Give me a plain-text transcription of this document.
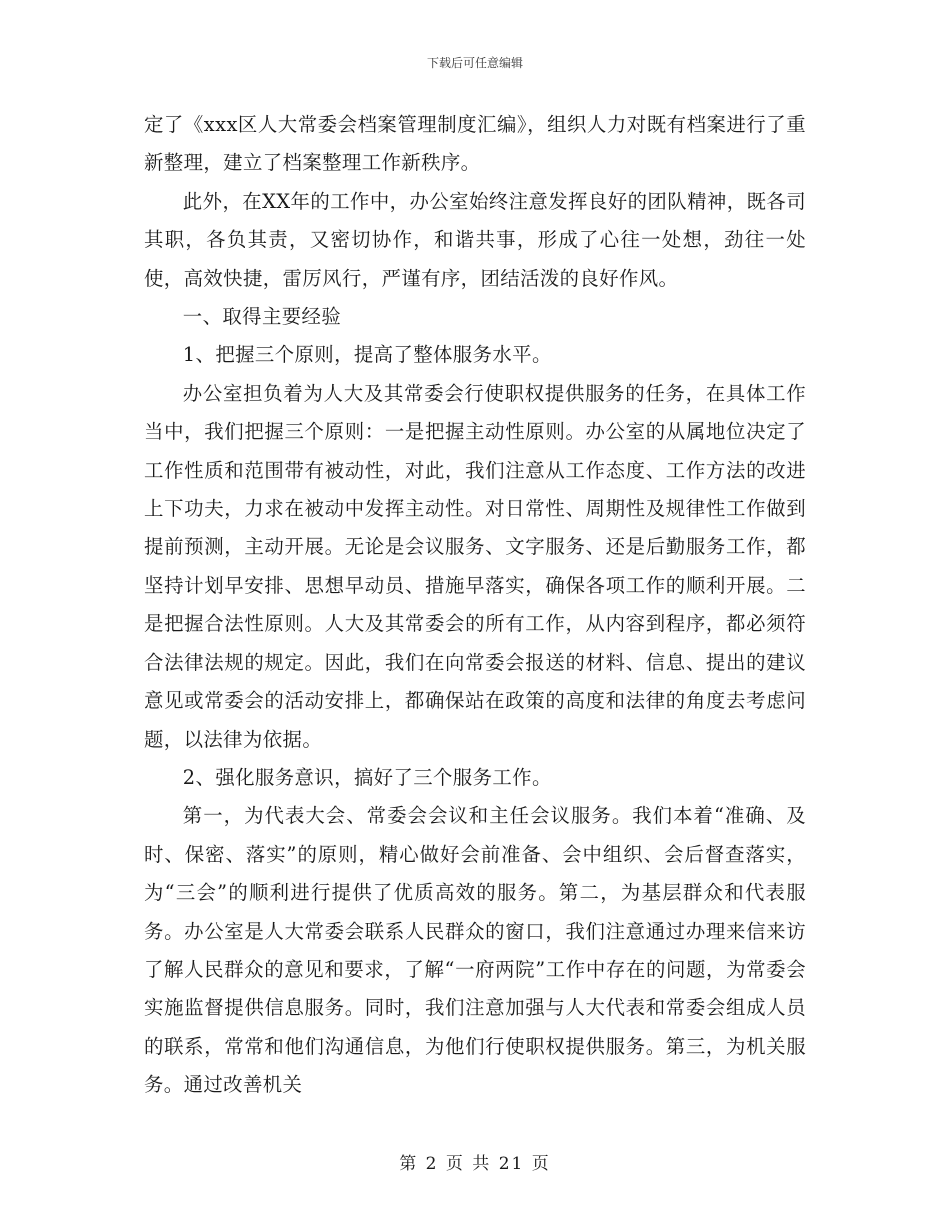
下载后可任意编辑

定了《xxx区人大常委会档案管理制度汇编》，组织人力对既有档案进行了重新整理，建立了档案整理工作新秩序。

此外，在XX年的工作中，办公室始终注意发挥良好的团队精神，既各司其职，各负其责，又密切协作，和谐共事，形成了心往一处想，劲往一处使，高效快捷，雷厉风行，严谨有序，团结活泼的良好作风。

一、取得主要经验

1、把握三个原则，提高了整体服务水平。

办公室担负着为人大及其常委会行使职权提供服务的任务，在具体工作当中，我们把握三个原则：一是把握主动性原则。办公室的从属地位决定了工作性质和范围带有被动性，对此，我们注意从工作态度、工作方法的改进上下功夫，力求在被动中发挥主动性。对日常性、周期性及规律性工作做到提前预测，主动开展。无论是会议服务、文字服务、还是后勤服务工作，都坚持计划早安排、思想早动员、措施早落实，确保各项工作的顺利开展。二是把握合法性原则。人大及其常委会的所有工作，从内容到程序，都必须符合法律法规的规定。因此，我们在向常委会报送的材料、信息、提出的建议意见或常委会的活动安排上，都确保站在政策的高度和法律的角度去考虑问题，以法律为依据。

2、强化服务意识，搞好了三个服务工作。

第一，为代表大会、常委会会议和主任会议服务。我们本着“准确、及时、保密、落实”的原则，精心做好会前准备、会中组织、会后督查落实，为“三会”的顺利进行提供了优质高效的服务。第二，为基层群众和代表服务。办公室是人大常委会联系人民群众的窗口，我们注意通过办理来信来访了解人民群众的意见和要求，了解“一府两院”工作中存在的问题，为常委会实施监督提供信息服务。同时，我们注意加强与人大代表和常委会组成人员的联系，常常和他们沟通信息，为他们行使职权提供服务。第三，为机关服务。通过改善机关

第 2 页 共 21 页
